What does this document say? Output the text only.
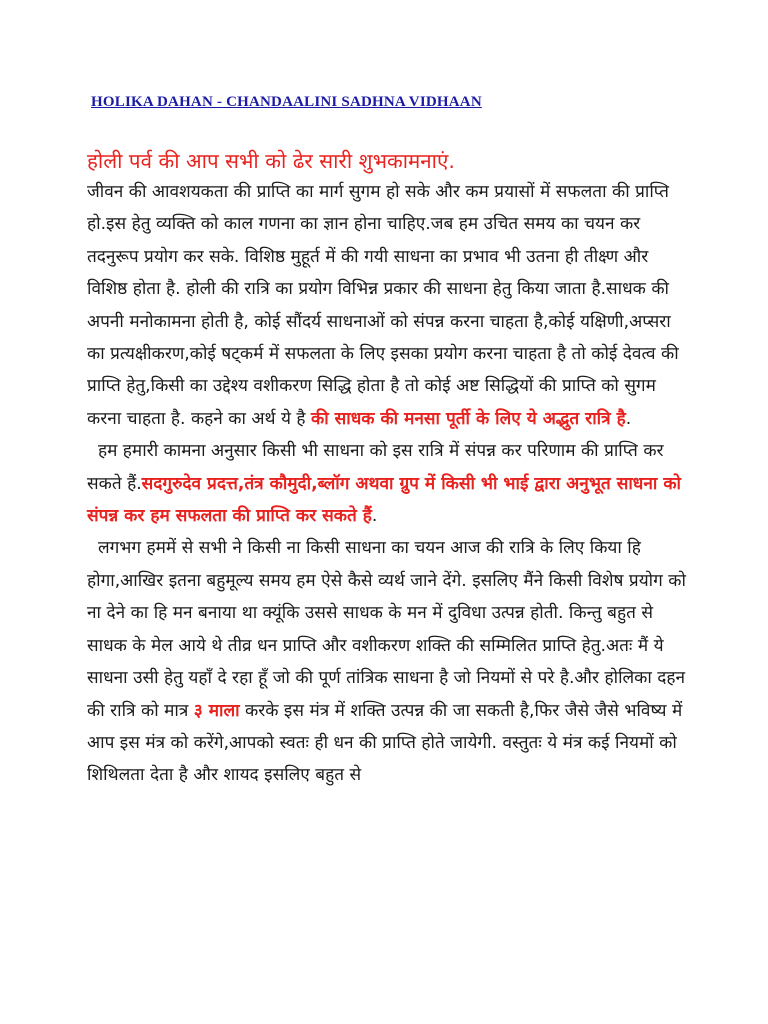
HOLIKA DAHAN - CHANDAALINI SADHNA VIDHAAN

होली पर्व की आप सभी को ढेर सारी शुभकामनाएं.

जीवन की आवशयकता की प्राप्ति का मार्ग सुगम हो सके और कम प्रयासों में सफलता की प्राप्ति हो.इस हेतु व्यक्ति को काल गणना का ज्ञान होना चाहिए.जब हम उचित समय का चयन कर तदनुरूप प्रयोग कर सके. विशिष्ठ मुहूर्त में की गयी साधना का प्रभाव भी उतना ही तीक्ष्ण और विशिष्ठ होता है. होली की रात्रि का प्रयोग विभिन्न प्रकार की साधना हेतु किया जाता है.साधक की अपनी मनोकामना होती है, कोई सौंदर्य साधनाओं को संपन्न करना चाहता है,कोई यक्षिणी,अप्सरा का प्रत्यक्षीकरण,कोई षट्कर्म में सफलता के लिए इसका प्रयोग करना चाहता है तो कोई देवत्व की प्राप्ति हेतु,किसी का उद्देश्य वशीकरण सिद्धि होता है तो कोई अष्ट सिद्धियों की प्राप्ति को सुगम करना चाहता है. कहने का अर्थ ये है की साधक की मनसा पूर्ती के लिए ये अद्भुत रात्रि है.

हम हमारी कामना अनुसार किसी भी साधना को इस रात्रि में संपन्न कर परिणाम की प्राप्ति कर सकते हैं.सदगुरुदेव प्रदत्त,तंत्र कौमुदी,ब्लॉग अथवा ग्रुप में किसी भी भाई द्वारा अनुभूत साधना को संपन्न कर हम सफलता की प्राप्ति कर सकते हैं.

लगभग हममें से सभी ने किसी ना किसी साधना का चयन आज की रात्रि के लिए किया हि होगा,आखिर इतना बहुमूल्य समय हम ऐसे कैसे व्यर्थ जाने देंगे. इसलिए मैंने किसी विशेष प्रयोग को ना देने का हि मन बनाया था क्यूंकि उससे साधक के मन में दुविधा उत्पन्न होती. किन्तु बहुत से साधक के मेल आये थे तीव्र धन प्राप्ति और वशीकरण शक्ति की सम्मिलित प्राप्ति हेतु.अतः मैं ये साधना उसी हेतु यहाँ दे रहा हूँ जो की पूर्ण तांत्रिक साधना है जो नियमों से परे है.और होलिका दहन की रात्रि को मात्र ३ माला करके इस मंत्र में शक्ति उत्पन्न की जा सकती है,फिर जैसे जैसे भविष्य में आप इस मंत्र को करेंगे,आपको स्वतः ही धन की प्राप्ति होते जायेगी. वस्तुतः ये मंत्र कई नियमों को शिथिलता देता है और शायद इसलिए बहुत से
